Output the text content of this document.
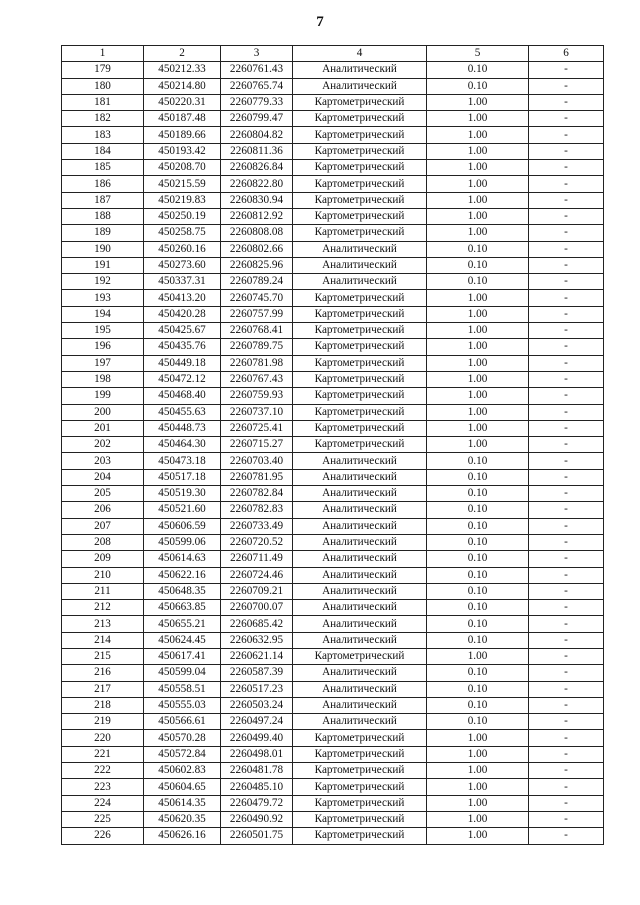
7
1	2	3	4	5	6
179	450212.33	2260761.43	Аналитический	0.10	-
180	450214.80	2260765.74	Аналитический	0.10	-
181	450220.31	2260779.33	Картометрический	1.00	-
182	450187.48	2260799.47	Картометрический	1.00	-
183	450189.66	2260804.82	Картометрический	1.00	-
184	450193.42	2260811.36	Картометрический	1.00	-
185	450208.70	2260826.84	Картометрический	1.00	-
186	450215.59	2260822.80	Картометрический	1.00	-
187	450219.83	2260830.94	Картометрический	1.00	-
188	450250.19	2260812.92	Картометрический	1.00	-
189	450258.75	2260808.08	Картометрический	1.00	-
190	450260.16	2260802.66	Аналитический	0.10	-
191	450273.60	2260825.96	Аналитический	0.10	-
192	450337.31	2260789.24	Аналитический	0.10	-
193	450413.20	2260745.70	Картометрический	1.00	-
194	450420.28	2260757.99	Картометрический	1.00	-
195	450425.67	2260768.41	Картометрический	1.00	-
196	450435.76	2260789.75	Картометрический	1.00	-
197	450449.18	2260781.98	Картометрический	1.00	-
198	450472.12	2260767.43	Картометрический	1.00	-
199	450468.40	2260759.93	Картометрический	1.00	-
200	450455.63	2260737.10	Картометрический	1.00	-
201	450448.73	2260725.41	Картометрический	1.00	-
202	450464.30	2260715.27	Картометрический	1.00	-
203	450473.18	2260703.40	Аналитический	0.10	-
204	450517.18	2260781.95	Аналитический	0.10	-
205	450519.30	2260782.84	Аналитический	0.10	-
206	450521.60	2260782.83	Аналитический	0.10	-
207	450606.59	2260733.49	Аналитический	0.10	-
208	450599.06	2260720.52	Аналитический	0.10	-
209	450614.63	2260711.49	Аналитический	0.10	-
210	450622.16	2260724.46	Аналитический	0.10	-
211	450648.35	2260709.21	Аналитический	0.10	-
212	450663.85	2260700.07	Аналитический	0.10	-
213	450655.21	2260685.42	Аналитический	0.10	-
214	450624.45	2260632.95	Аналитический	0.10	-
215	450617.41	2260621.14	Картометрический	1.00	-
216	450599.04	2260587.39	Аналитический	0.10	-
217	450558.51	2260517.23	Аналитический	0.10	-
218	450555.03	2260503.24	Аналитический	0.10	-
219	450566.61	2260497.24	Аналитический	0.10	-
220	450570.28	2260499.40	Картометрический	1.00	-
221	450572.84	2260498.01	Картометрический	1.00	-
222	450602.83	2260481.78	Картометрический	1.00	-
223	450604.65	2260485.10	Картометрический	1.00	-
224	450614.35	2260479.72	Картометрический	1.00	-
225	450620.35	2260490.92	Картометрический	1.00	-
226	450626.16	2260501.75	Картометрический	1.00	-
